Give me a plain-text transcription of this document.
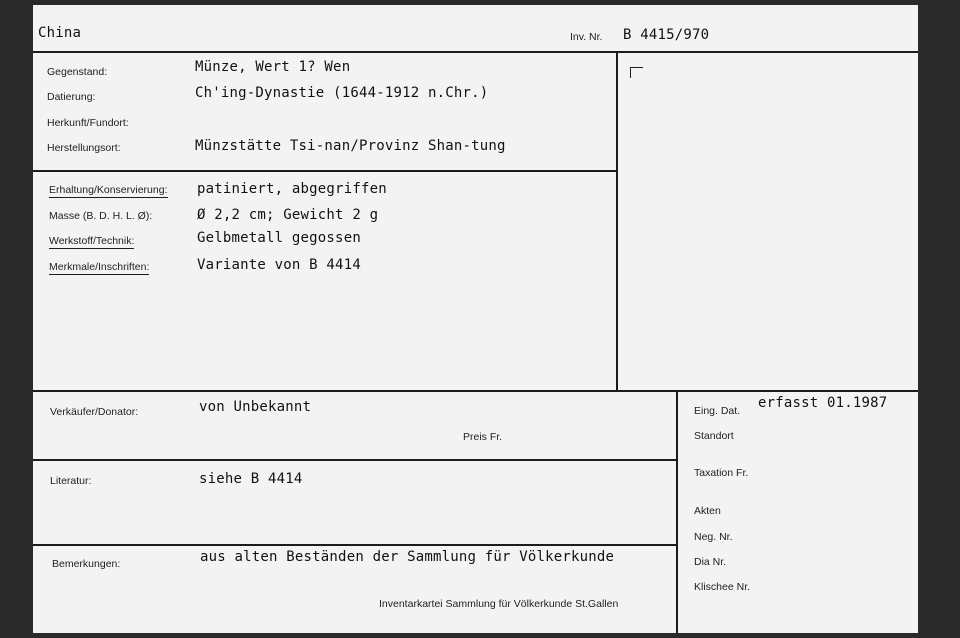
China	Inv. Nr. B 4415/970
Gegenstand:	Münze, Wert 1? Wen
Datierung:	Ch'ing-Dynastie (1644-1912 n.Chr.)
Herkunft/Fundort:
Herstellungsort:	Münzstätte Tsi-nan/Provinz Shan-tung
Erhaltung/Konservierung: patiniert, abgegriffen
Masse (B. D. H. L. Ø):	Ø 2,2 cm; Gewicht 2 g
Werkstoff/Technik:	Gelbmetall gegossen
Merkmale/Inschriften:	Variante von B 4414
Verkäufer/Donator:	von Unbekannt
Preis Fr.
Literatur:	siehe B 4414
Bemerkungen:	aus alten Beständen der Sammlung für Völkerkunde
Inventarkartei Sammlung für Völkerkunde St.Gallen
Eing. Dat. erfasst 01.1987
Standort
Taxation Fr.
Akten
Neg. Nr.
Dia Nr.
Klischee Nr.
